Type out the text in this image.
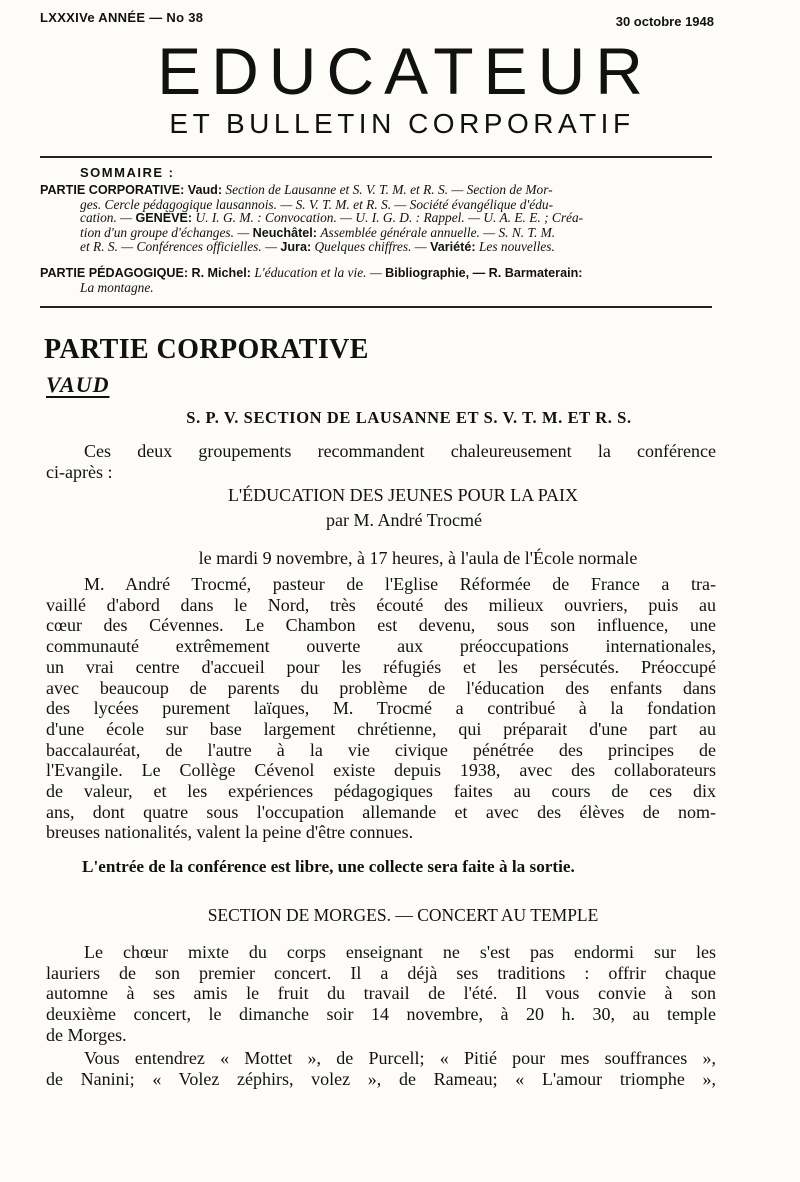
LXXXIVe ANNÉE — No 38	30 octobre 1948
EDUCATEUR
ET BULLETIN CORPORATIF
SOMMAIRE :
PARTIE CORPORATIVE: Vaud: Section de Lausanne et S. V. T. M. et R. S. — Section de Mor-
ges. Cercle pédagogique lausannois. — S. V. T. M. et R. S. — Société évangélique d'édu-
cation. — GENÈVE: U. I. G. M. : Convocation. — U. I. G. D. : Rappel. — U. A. E. E. ; Créa-
tion d'un groupe d'échanges. — Neuchâtel: Assemblée générale annuelle. — S. N. T. M.
et R. S. — Conférences officielles. — Jura: Quelques chiffres. — Variété: Les nouvelles.
PARTIE PÉDAGOGIQUE: R. Michel: L'éducation et la vie. — Bibliographie, — R. Barmaterain:
La montagne.
PARTIE CORPORATIVE
VAUD
S. P. V. SECTION DE LAUSANNE ET S. V. T. M. ET R. S.
Ces deux groupements recommandent chaleureusement la conférence
ci-après :
L'ÉDUCATION DES JEUNES POUR LA PAIX
par M. André Trocmé
le mardi 9 novembre, à 17 heures, à l'aula de l'École normale
M. André Trocmé, pasteur de l'Eglise Réformée de France a tra-
vaillé d'abord dans le Nord, très écouté des milieux ouvriers, puis au
cœur des Cévennes. Le Chambon est devenu, sous son influence, une
communauté extrêmement ouverte aux préoccupations internationales,
un vrai centre d'accueil pour les réfugiés et les persécutés. Préoccupé
avec beaucoup de parents du problème de l'éducation des enfants dans
des lycées purement laïques, M. Trocmé a contribué à la fondation
d'une école sur base largement chrétienne, qui préparait d'une part au
baccalauréat, de l'autre à la vie civique pénétrée des principes de
l'Evangile. Le Collège Cévenol existe depuis 1938, avec des collaborateurs
de valeur, et les expériences pédagogiques faites au cours de ces dix
ans, dont quatre sous l'occupation allemande et avec des élèves de nom-
breuses nationalités, valent la peine d'être connues.
L'entrée de la conférence est libre, une collecte sera faite à la sortie.
SECTION DE MORGES. — CONCERT AU TEMPLE
Le chœur mixte du corps enseignant ne s'est pas endormi sur les
lauriers de son premier concert. Il a déjà ses traditions : offrir chaque
automne à ses amis le fruit du travail de l'été. Il vous convie à son
deuxième concert, le dimanche soir 14 novembre, à 20 h. 30, au temple
de Morges.
Vous entendrez « Mottet », de Purcell; « Pitié pour mes souffrances »,
de Nanini; « Volez zéphirs, volez », de Rameau; « L'amour triomphe »,
